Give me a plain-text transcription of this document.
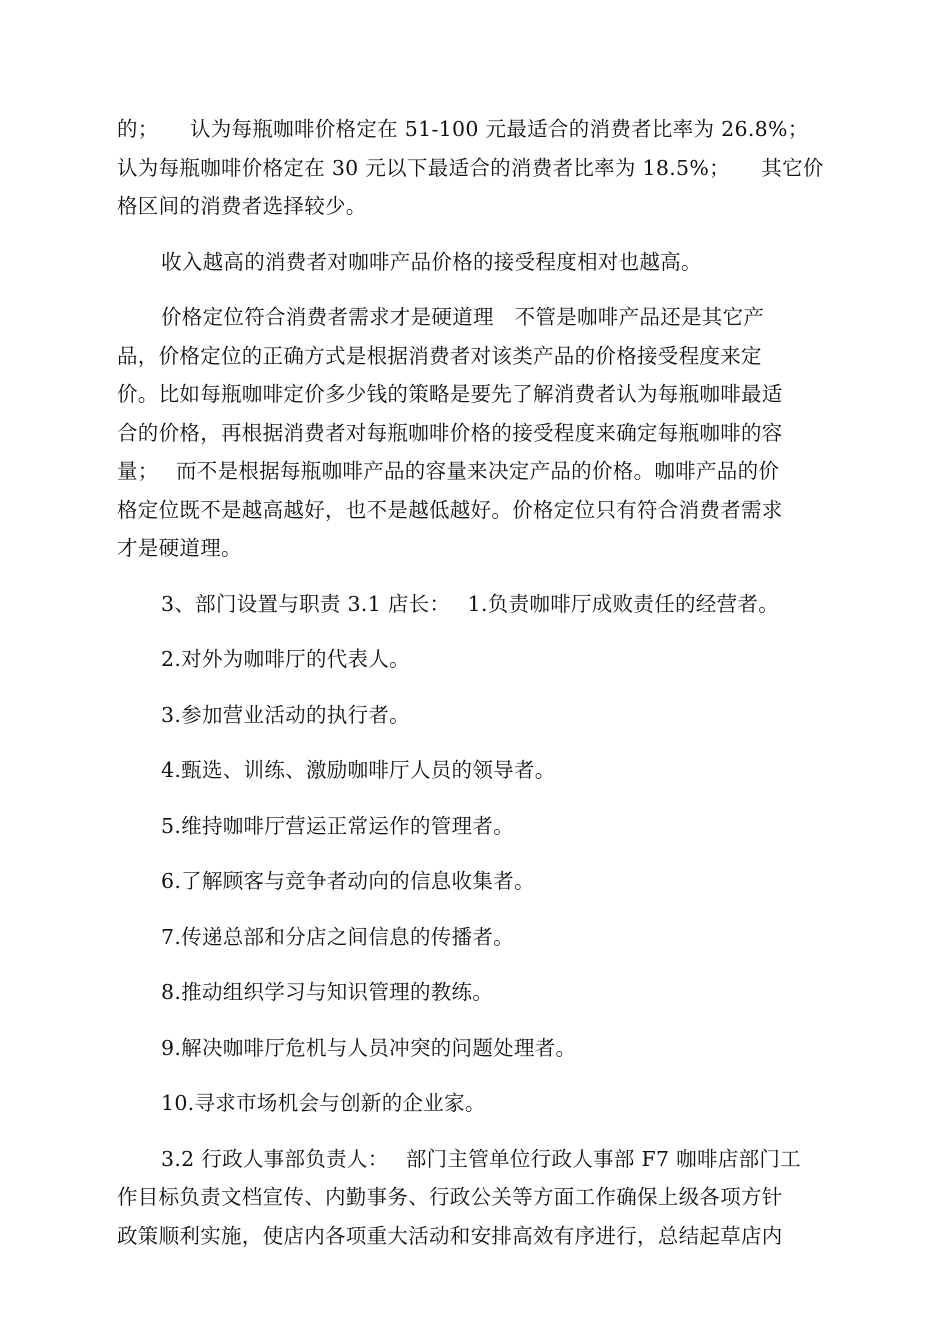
的；　　认为每瓶咖啡价格定在 51-100 元最适合的消费者比率为 26.8%；
认为每瓶咖啡价格定在 30 元以下最适合的消费者比率为 18.5%；　　其它价
格区间的消费者选择较少。

收入越高的消费者对咖啡产品价格的接受程度相对也越高。

价格定位符合消费者需求才是硬道理　不管是咖啡产品还是其它产
品，价格定位的正确方式是根据消费者对该类产品的价格接受程度来定
价。比如每瓶咖啡定价多少钱的策略是要先了解消费者认为每瓶咖啡最适
合的价格，再根据消费者对每瓶咖啡价格的接受程度来确定每瓶咖啡的容
量；　 而不是根据每瓶咖啡产品的容量来决定产品的价格。咖啡产品的价
格定位既不是越高越好，也不是越低越好。价格定位只有符合消费者需求
才是硬道理。

3、部门设置与职责 3.1 店长：　 1.负责咖啡厅成败责任的经营者。

2.对外为咖啡厅的代表人。

3.参加营业活动的执行者。

4.甄选、训练、激励咖啡厅人员的领导者。

5.维持咖啡厅营运正常运作的管理者。

6.了解顾客与竞争者动向的信息收集者。

7.传递总部和分店之间信息的传播者。

8.推动组织学习与知识管理的教练。

9.解决咖啡厅危机与人员冲突的问题处理者。

10.寻求市场机会与创新的企业家。

3.2 行政人事部负责人：　 部门主管单位行政人事部 F7 咖啡店部门工
作目标负责文档宣传、内勤事务、行政公关等方面工作确保上级各项方针
政策顺利实施，使店内各项重大活动和安排高效有序进行，总结起草店内
